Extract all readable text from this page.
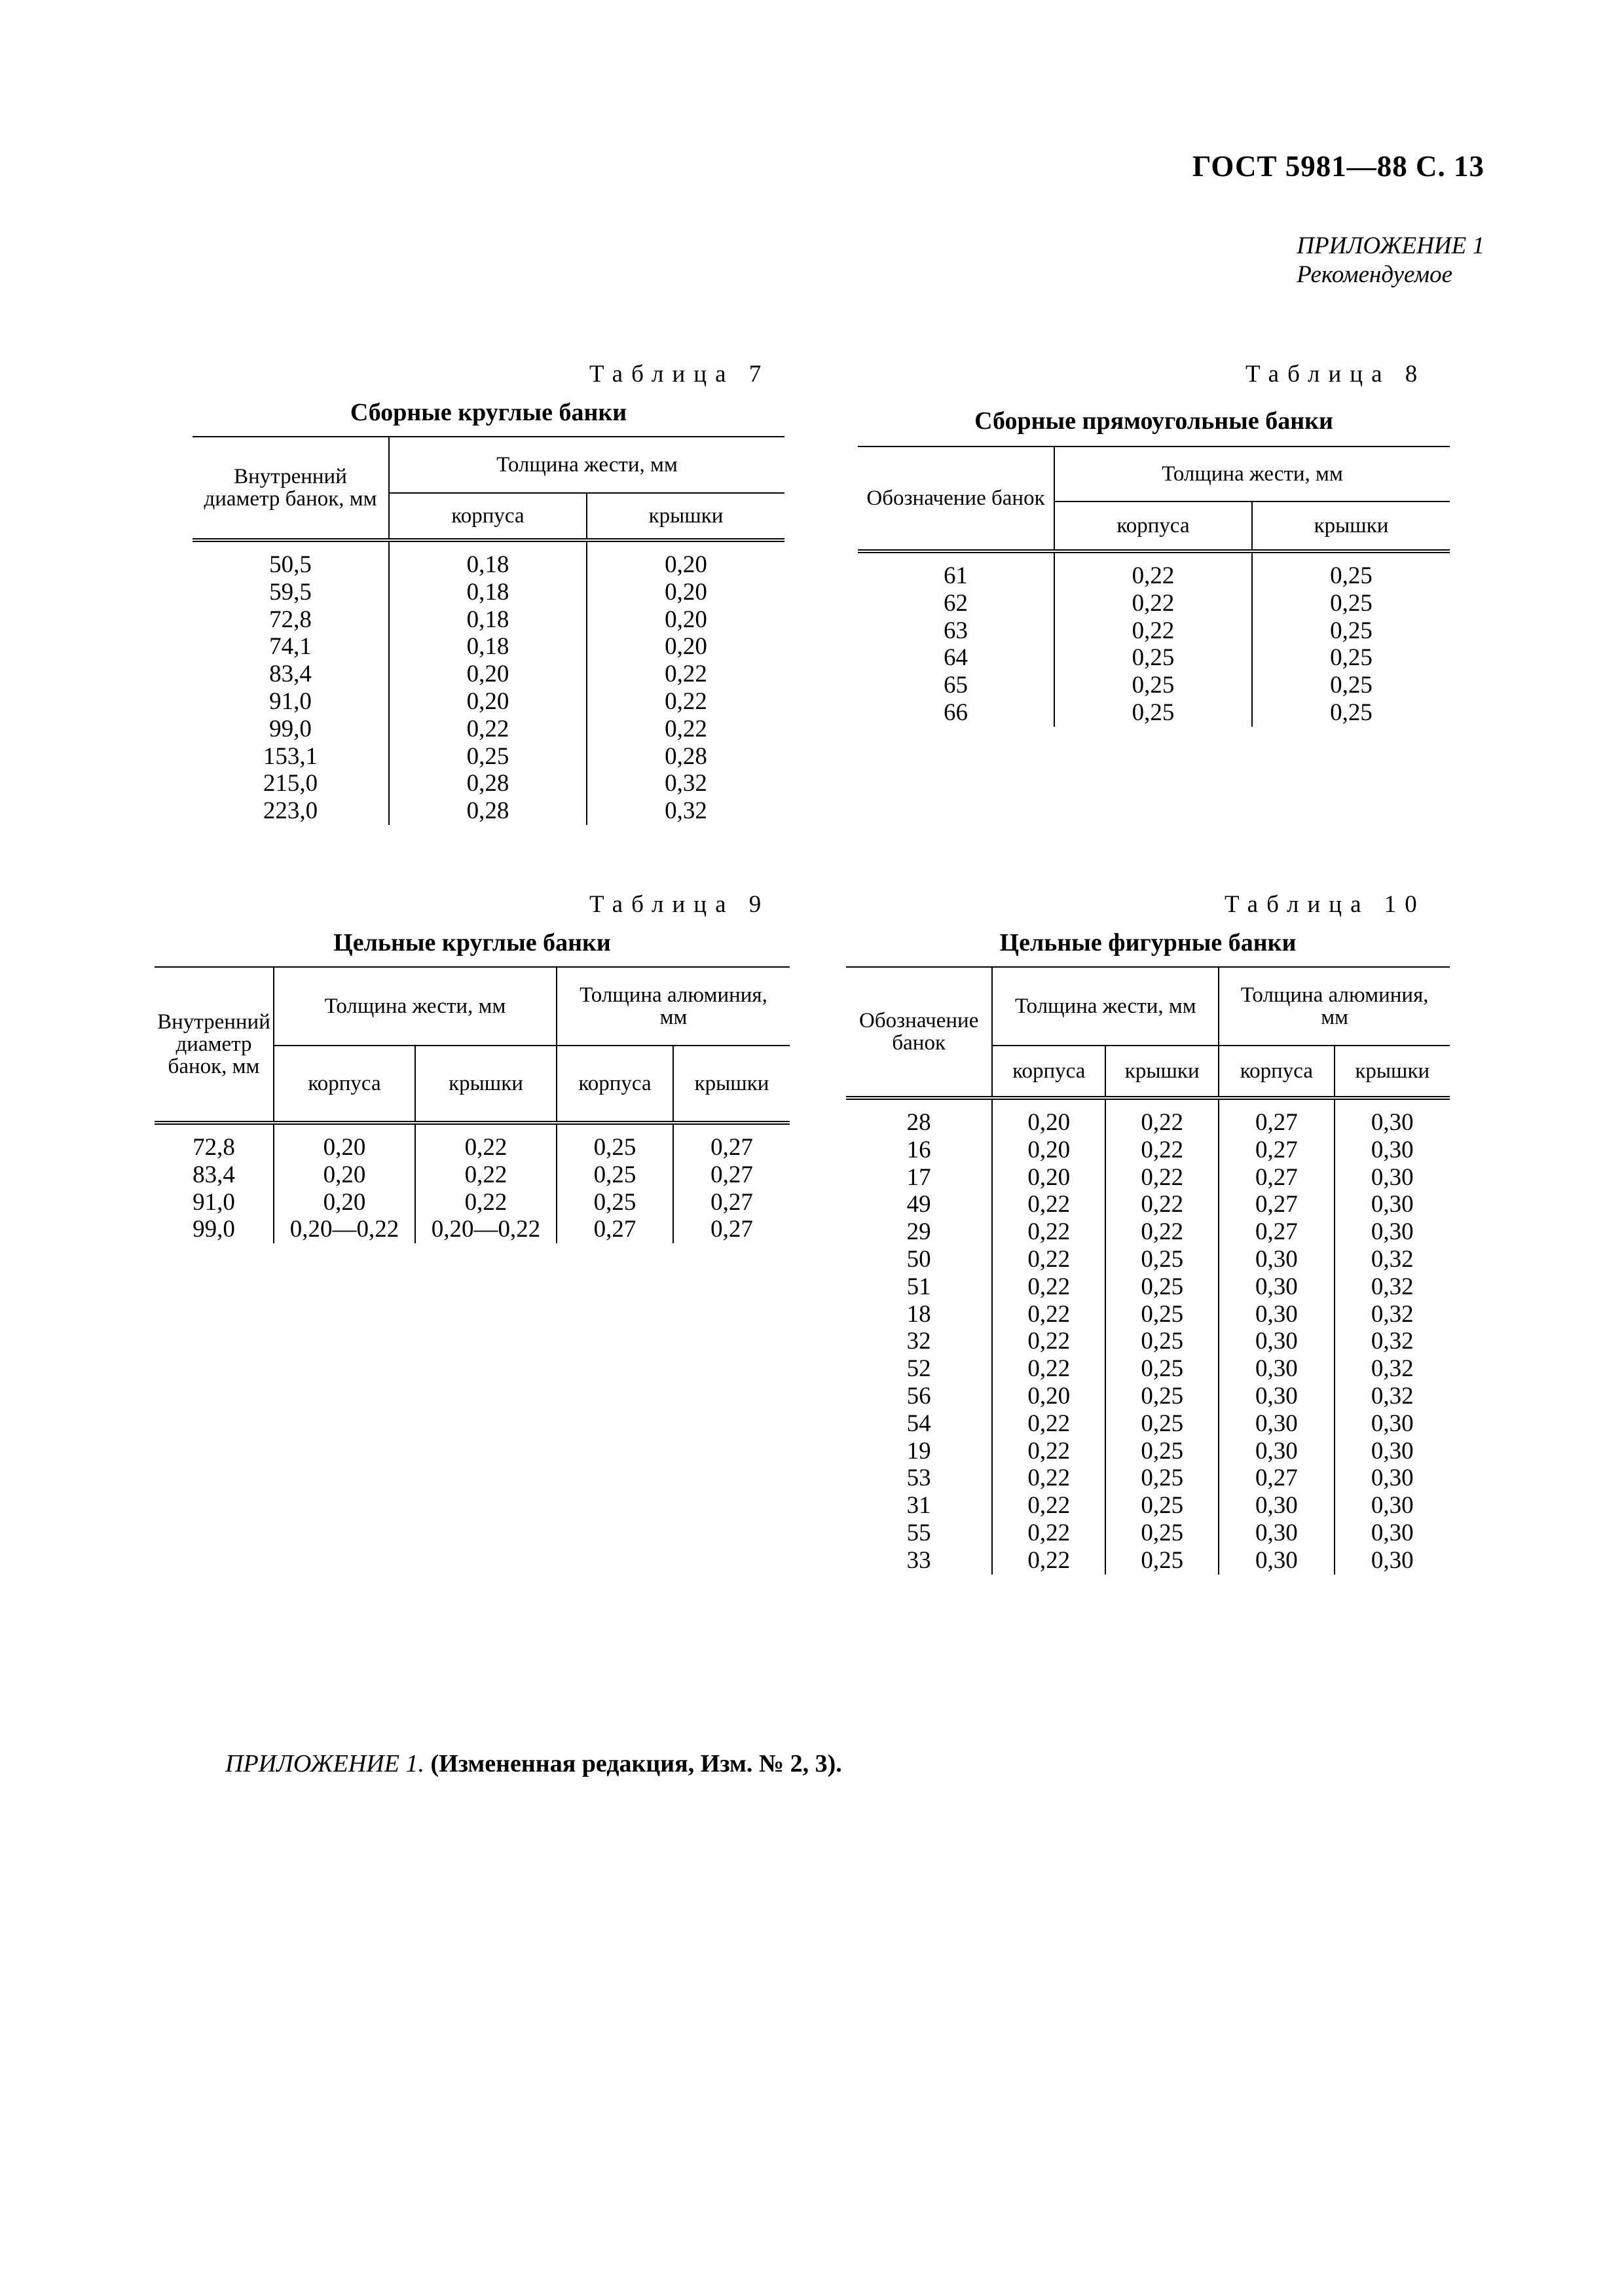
ГОСТ 5981—88 С. 13
ПРИЛОЖЕНИЕ 1
Рекомендуемое
Таблица 7
Сборные круглые банки
Внутренний диаметр банок, мм	Толщина жести, мм	
	корпуса	крышки
50,5	0,18	0,20
59,5	0,18	0,20
72,8	0,18	0,20
74,1	0,18	0,20
83,4	0,20	0,22
91,0	0,20	0,22
99,0	0,22	0,22
153,1	0,25	0,28
215,0	0,28	0,32
223,0	0,28	0,32
Таблица 8
Сборные прямоугольные банки
Обозначение банок	Толщина жести, мм	
	корпуса	крышки
61	0,22	0,25
62	0,22	0,25
63	0,22	0,25
64	0,25	0,25
65	0,25	0,25
66	0,25	0,25
Таблица 9
Цельные круглые банки
Внутренний диаметр банок, мм	Толщина жести, мм		Толщина алюминия, мм	
	корпуса	крышки	корпуса	крышки
72,8	0,20	0,22	0,25	0,27
83,4	0,20	0,22	0,25	0,27
91,0	0,20	0,22	0,25	0,27
99,0	0,20—0,22	0,20—0,22	0,27	0,27
Таблица 10
Цельные фигурные банки
Обозначение банок	Толщина жести, мм		Толщина алюминия, мм	
	корпуса	крышки	корпуса	крышки
28	0,20	0,22	0,27	0,30
16	0,20	0,22	0,27	0,30
17	0,20	0,22	0,27	0,30
49	0,22	0,22	0,27	0,30
29	0,22	0,22	0,27	0,30
50	0,22	0,25	0,30	0,32
51	0,22	0,25	0,30	0,32
18	0,22	0,25	0,30	0,32
32	0,22	0,25	0,30	0,32
52	0,22	0,25	0,30	0,32
56	0,20	0,25	0,30	0,32
54	0,22	0,25	0,30	0,30
19	0,22	0,25	0,30	0,30
53	0,22	0,25	0,27	0,30
31	0,22	0,25	0,30	0,30
55	0,22	0,25	0,30	0,30
33	0,22	0,25	0,30	0,30
ПРИЛОЖЕНИЕ 1. (Измененная редакция, Изм. № 2, 3).
